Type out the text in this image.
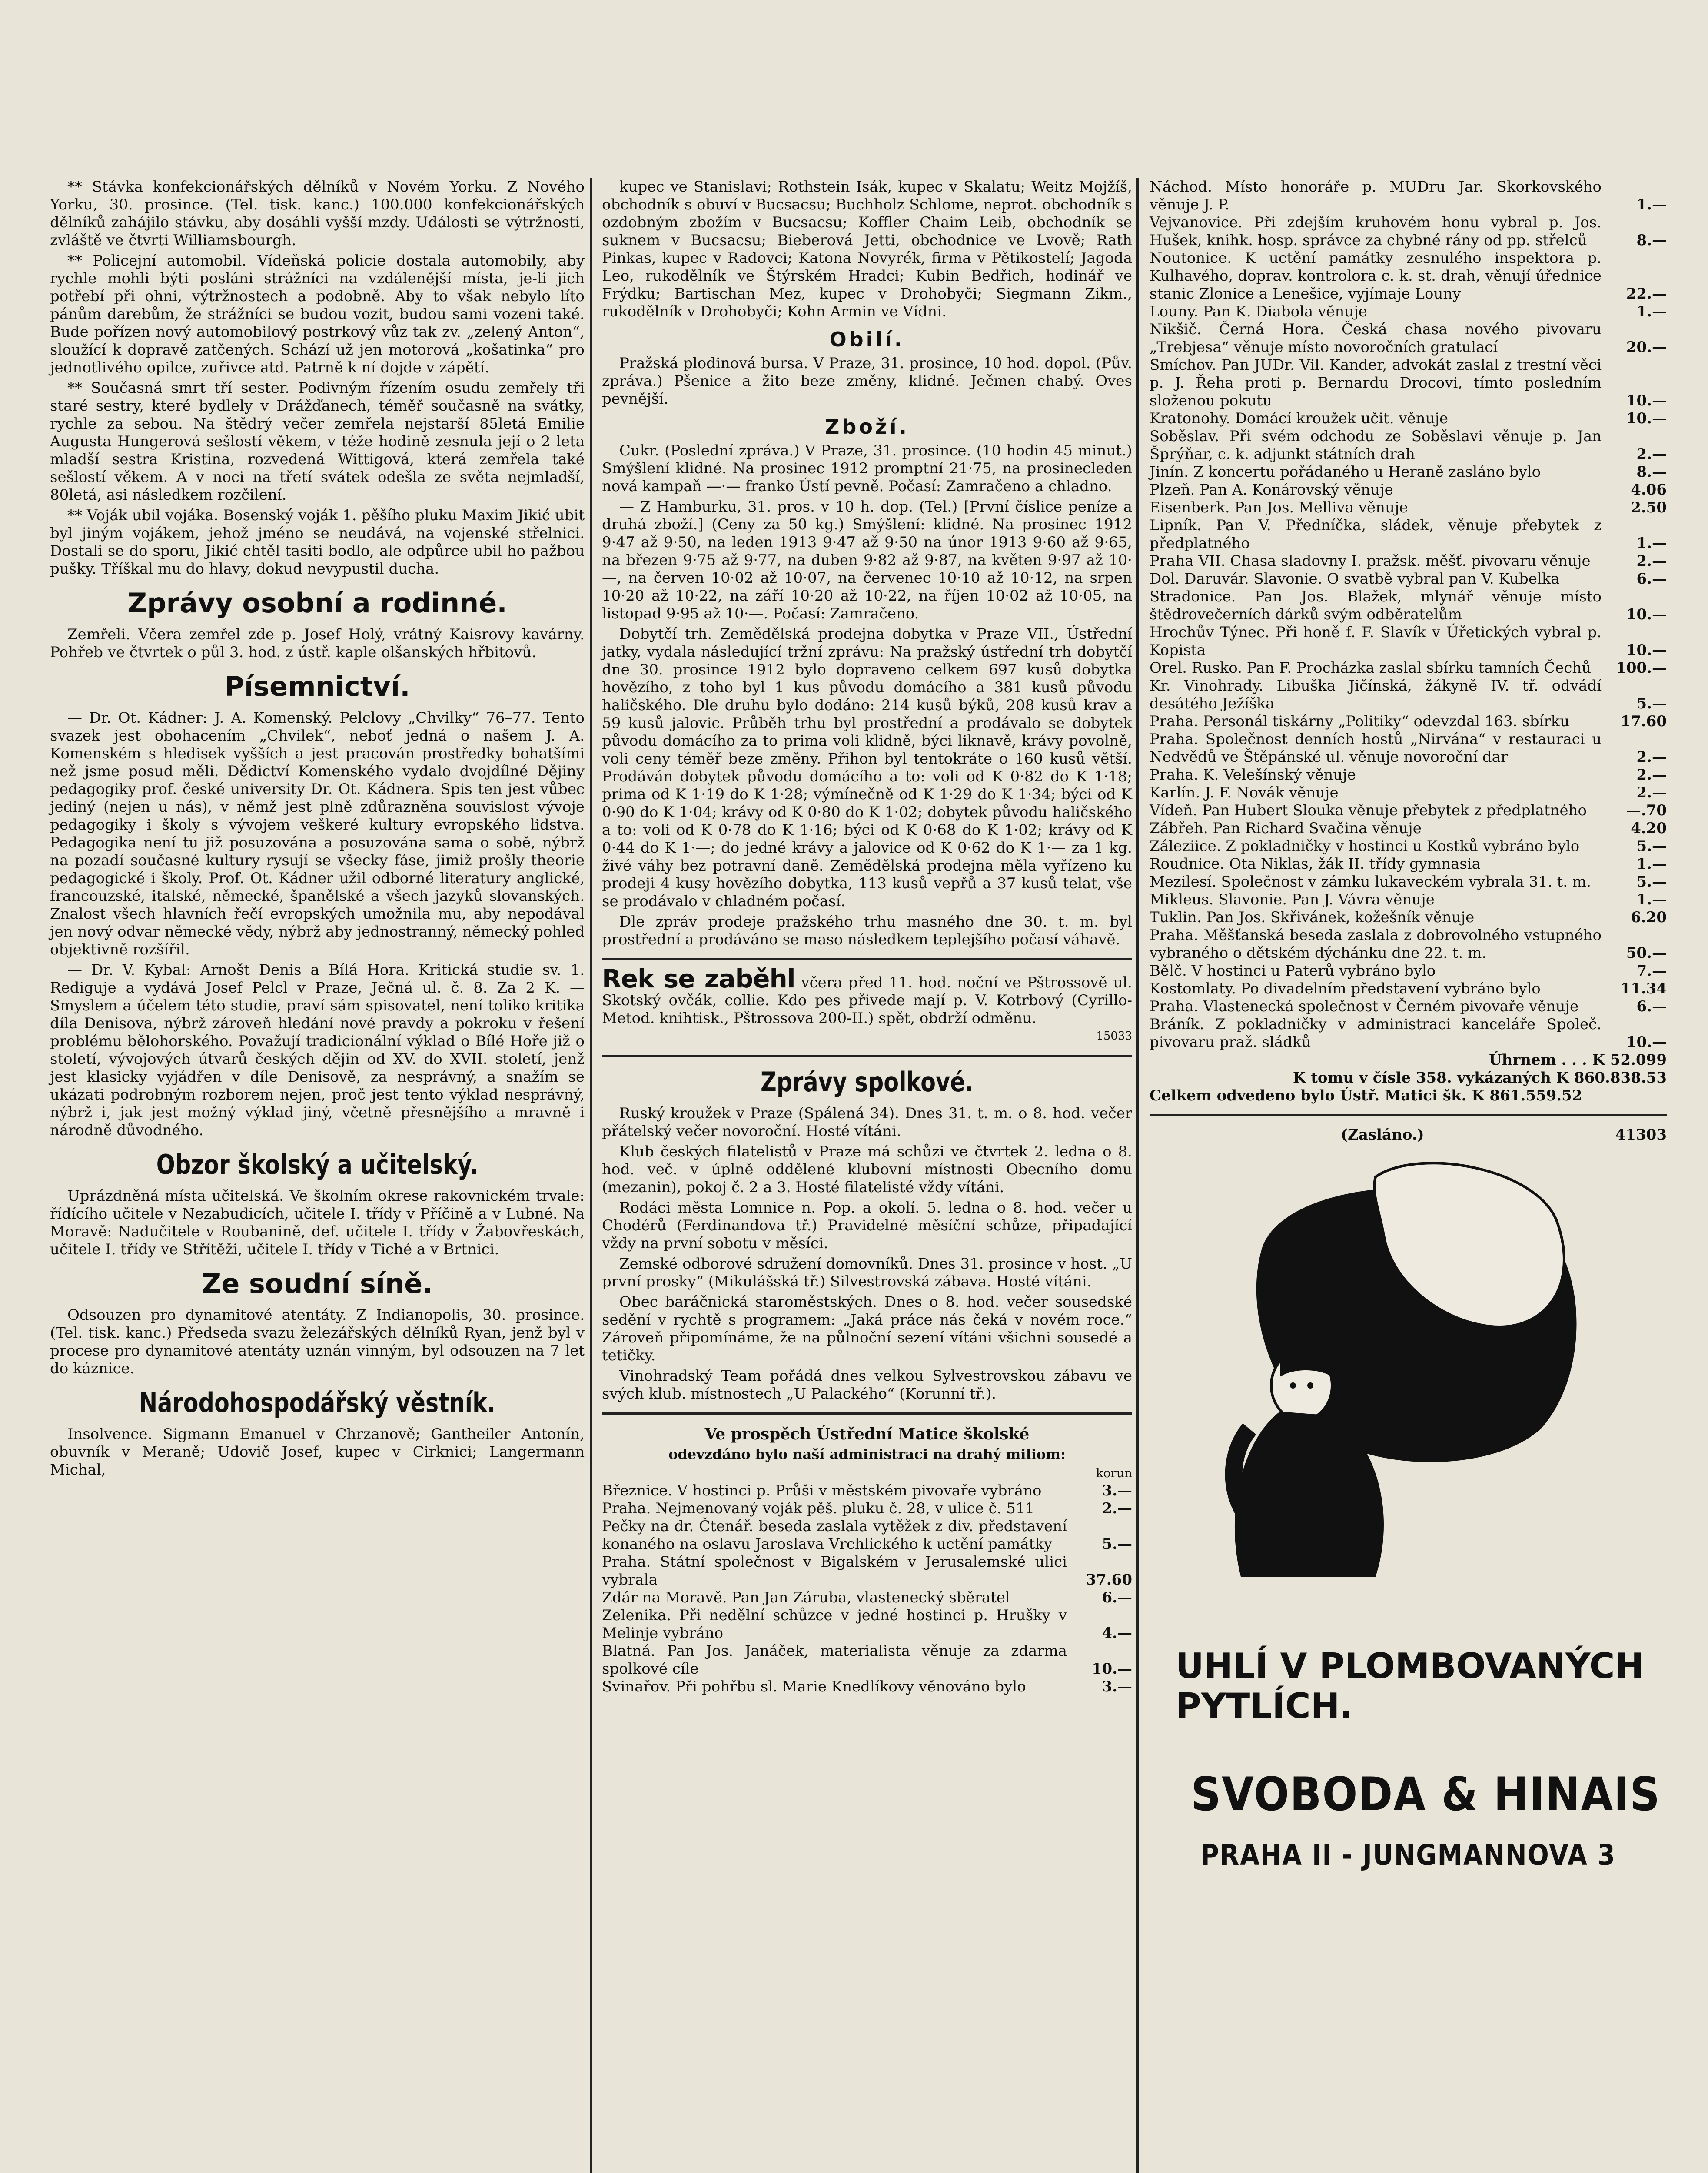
** Stávka konfekcionářských dělníků v Novém Yorku. Z Nového Yorku, 30. prosince. (Tel. tisk. kanc.) 100.000 konfekcionářských dělníků zahájilo stávku, aby dosáhli vyšší mzdy. Události se výtržnosti, zvláště ve čtvrti Williamsbourgh.

** Policejní automobil. Vídeňská policie dostala automobily, aby rychle mohli býti posláni strážníci na vzdálenější místa, je-li jich potřebí při ohni, výtržnostech a podobně. Aby to však nebylo líto pánům darebům, že strážníci se budou vozit, budou sami vozeni také. Bude pořízen nový automobilový postrkový vůz tak zv. „zelený Anton“, sloužící k dopravě zatčených. Schází už jen motorová „košatinka“ pro jednotlivého opilce, zuřivce atd. Patrně k ní dojde v zápětí.

** Současná smrt tří sester. Podivným řízením osudu zemřely tři staré sestry, které bydlely v Drážďanech, téměř současně na svátky, rychle za sebou. Na štědrý večer zemřela nejstarší 85letá Emilie Augusta Hungerová sešlostí věkem, v téže hodině zesnula její o 2 leta mladší sestra Kristina, rozvedená Wittigová, která zemřela také sešlostí věkem. A v noci na třetí svátek odešla ze světa nejmladší, 80letá, asi následkem rozčilení.

** Voják ubil vojáka. Bosenský voják 1. pěšího pluku Maxim Jikić ubit byl jiným vojákem, jehož jméno se neudává, na vojenské střelnici. Dostali se do sporu, Jikić chtěl tasiti bodlo, ale odpůrce ubil ho pažbou pušky. Tříškal mu do hlavy, dokud nevypustil ducha.

Zprávy osobní a rodinné.

Zemřeli. Včera zemřel zde p. Josef Holý, vrátný Kaisrovy kavárny. Pohřeb ve čtvrtek o půl 3. hod. z ústř. kaple olšanských hřbitovů.

Písemnictví.

— Dr. Ot. Kádner: J. A. Komenský. Pelclovy „Chvilky“ 76–77. Tento svazek jest obohacením „Chvilek“, neboť jedná o našem J. A. Komenském s hledisek vyšších a jest pracován prostředky bohatšími než jsme posud měli. Dědictví Komenského vydalo dvojdílné Dějiny pedagogiky prof. české university Dr. Ot. Kádnera. Spis ten jest vůbec jediný (nejen u nás), v němž jest plně zdůrazněna souvislost vývoje pedagogiky i školy s vývojem veškeré kultury evropského lidstva. Pedagogika není tu již posuzována a posuzována sama o sobě, nýbrž na pozadí současné kultury rysují se všecky fáse, jimiž prošly theorie pedagogické i školy. Prof. Ot. Kádner užil odborné literatury anglické, francouzské, italské, německé, španělské a všech jazyků slovanských. Znalost všech hlavních řečí evropských umožnila mu, aby nepodával jen nový odvar německé vědy, nýbrž aby jednostranný, německý pohled objektivně rozšířil.

— Dr. V. Kybal: Arnošt Denis a Bílá Hora. Kritická studie sv. 1. Rediguje a vydává Josef Pelcl v Praze, Ječná ul. č. 8. Za 2 K. — Smyslem a účelem této studie, praví sám spisovatel, není toliko kritika díla Denisova, nýbrž zároveň hledání nové pravdy a pokroku v řešení problému bělohorského. Považují tradicionální výklad o Bílé Hoře již o století, vývojových útvarů českých dějin od XV. do XVII. století, jenž jest klasicky vyjádřen v díle Denisově, za nesprávný, a snažím se ukázati podrobným rozborem nejen, proč jest tento výklad nesprávný, nýbrž i, jak jest možný výklad jiný, včetně přesnějšího a mravně i národně důvodného.

Obzor školský a učitelský.

Uprázdněná místa učitelská. Ve školním okrese rakovnickém trvale: řídícího učitele v Nezabudicích, učitele I. třídy v Příčině a v Lubné. Na Moravě: Nadučitele v Roubanině, def. učitele I. třídy v Žabovřeskách, učitele I. třídy ve Střítěži, učitele I. třídy v Tiché a v Brtnici.

Ze soudní síně.

Odsouzen pro dynamitové atentáty. Z Indianopolis, 30. prosince. (Tel. tisk. kanc.) Předseda svazu železářských dělníků Ryan, jenž byl v procese pro dynamitové atentáty uznán vinným, byl odsouzen na 7 let do káznice.

Národohospodářský věstník.

Insolvence. Sigmann Emanuel v Chrzanově; Gantheiler Antonín, obuvník v Meraně; Udovič Josef, kupec v Cirknici; Langermann Michal,

kupec ve Stanislavi; Rothstein Isák, kupec v Skalatu; Weitz Mojžíš, obchodník s obuví v Bucsacsu; Buchholz Schlome, neprot. obchodník s ozdobným zbožím v Bucsacsu; Koffler Chaim Leib, obchodník se suknem v Bucsacsu; Bieberová Jetti, obchodnice ve Lvově; Rath Pinkas, kupec v Radovci; Katona Novyrék, firma v Pětikostelí; Jagoda Leo, rukodělník ve Štýrském Hradci; Kubin Bedřich, hodinář ve Frýdku; Bartischan Mez, kupec v Drohobyči; Siegmann Zikm., rukodělník v Drohobyči; Kohn Armin ve Vídni.

Obilí.

Pražská plodinová bursa. V Praze, 31. prosince, 10 hod. dopol. (Pův. zpráva.) Pšenice a žito beze změny, klidné. Ječmen chabý. Oves pevnější.

Zboží.

Cukr. (Poslední zpráva.) V Praze, 31. prosince. (10 hodin 45 minut.) Smýšlení klidné. Na prosinec 1912 promptní 21·75, na prosinecleden nová kampaň —·— franko Ústí pevně. Počasí: Zamračeno a chladno.

— Z Hamburku, 31. pros. v 10 h. dop. (Tel.) [První číslice peníze a druhá zboží.] (Ceny za 50 kg.) Smýšlení: klidné. Na prosinec 1912 9·47 až 9·50, na leden 1913 9·47 až 9·50 na únor 1913 9·60 až 9·65, na březen 9·75 až 9·77, na duben 9·82 až 9·87, na květen 9·97 až 10·—, na červen 10·02 až 10·07, na červenec 10·10 až 10·12, na srpen 10·20 až 10·22, na září 10·20 až 10·22, na říjen 10·02 až 10·05, na listopad 9·95 až 10·—. Počasí: Zamračeno.

Dobytčí trh. Zemědělská prodejna dobytka v Praze VII., Ústřední jatky, vydala následující tržní zprávu: Na pražský ústřední trh dobytčí dne 30. prosince 1912 bylo dopraveno celkem 697 kusů dobytka hovězího, z toho byl 1 kus původu domácího a 381 kusů původu haličského. Dle druhu bylo dodáno: 214 kusů býků, 208 kusů krav a 59 kusů jalovic. Průběh trhu byl prostřední a prodávalo se dobytek původu domácího za to prima voli klidně, býci liknavě, krávy povolně, voli ceny téměř beze změny. Přihon byl tentokráte o 160 kusů větší. Prodáván dobytek původu domácího a to: voli od K 0·82 do K 1·18; prima od K 1·19 do K 1·28; výmínečně od K 1·29 do K 1·34; býci od K 0·90 do K 1·04; krávy od K 0·80 do K 1·02; dobytek původu haličského a to: voli od K 0·78 do K 1·16; býci od K 0·68 do K 1·02; krávy od K 0·44 do K 1·—; do jedné krávy a jalovice od K 0·62 do K 1·— za 1 kg. živé váhy bez potravní daně. Zemědělská prodejna měla vyřízeno ku prodeji 4 kusy hovězího dobytka, 113 kusů vepřů a 37 kusů telat, vše se prodávalo v chladném počasí.

Dle zpráv prodeje pražského trhu masného dne 30. t. m. byl prostřední a prodáváno se maso následkem teplejšího počasí váhavě.

Rek se zaběhl včera před 11. hod. noční ve Pštrossově ul. Skotský ovčák, collie. Kdo pes přivede mají p. V. Kotrbový (Cyrillo-Metod. knihtisk., Pštrossova 200-II.) spět, obdrží odměnu.
15033
Zprávy spolkové.

Ruský kroužek v Praze (Spálená 34). Dnes 31. t. m. o 8. hod. večer přátelský večer novoroční. Hosté vítáni.

Klub českých filatelistů v Praze má schůzi ve čtvrtek 2. ledna o 8. hod. več. v úplně oddělené klubovní místnosti Obecního domu (mezanin), pokoj č. 2 a 3. Hosté filatelisté vždy vítáni.

Rodáci města Lomnice n. Pop. a okolí. 5. ledna o 8. hod. večer u Chodérů (Ferdinandova tř.) Pravidelné měsíční schůze, připadající vždy na první sobotu v měsíci.

Zemské odborové sdružení domovníků. Dnes 31. prosince v host. „U první prosky“ (Mikulášská tř.) Silvestrovská zábava. Hosté vítáni.

Obec baráčnická staroměstských. Dnes o 8. hod. večer sousedské sedění v rychtě s programem: „Jaká práce nás čeká v novém roce.“ Zároveň připomínáme, že na půlnoční sezení vítáni všichni sousedé a tetičky.

Vinohradský Team pořádá dnes velkou Sylvestrovskou zábavu ve svých klub. místnostech „U Palackého“ (Korunní tř.).

Ve prospěch Ústřední Matice školské
odevzdáno bylo naší administraci na drahý miliom:
korun
Březnice. V hostinci p. Průši v městském pivovaře vybráno	3.—
Praha. Nejmenovaný voják pěš. pluku č. 28, v ulice č. 511	2.—
Pečky na dr. Čtenář. beseda zaslala vytěžek z div. představení konaného na oslavu Jaroslava Vrchlického k uctění památky	5.—
Praha. Státní společnost v Bigalském v Jerusalemské ulici vybrala	37.60
Zdár na Moravě. Pan Jan Záruba, vlastenecký sběratel	6.—
Zelenika. Při nedělní schůzce v jedné hostinci p. Hrušky v Melinje vybráno	4.—
Blatná. Pan Jos. Janáček, materialista věnuje za zdarma spolkové cíle	10.—
Svinařov. Při pohřbu sl. Marie Knedlíkovy věnováno bylo	3.—
Náchod. Místo honoráře p. MUDru Jar. Skorkovského věnuje J. P.	1.—
Vejvanovice. Při zdejším kruhovém honu vybral p. Jos. Hušek, knihk. hosp. správce za chybné rány od pp. střelců	8.—
Noutonice. K uctění památky zesnulého inspektora p. Kulhavého, doprav. kontrolora c. k. st. drah, věnují úřednice stanic Zlonice a Lenešice, vyjímaje Louny	22.—
Louny. Pan K. Diabola věnuje	1.—
Nikšič. Černá Hora. Česká chasa nového pivovaru „Trebjesa“ věnuje místo novoročních gratulací	20.—
Smíchov. Pan JUDr. Vil. Kander, advokát zaslal z trestní věci p. J. Řeha proti p. Bernardu Drocovi, tímto posledním složenou pokutu	10.—
Kratonohy. Domácí kroužek učit. věnuje	10.—
Soběslav. Při svém odchodu ze Soběslavi věnuje p. Jan Šprýňar, c. k. adjunkt státních drah	2.—
Jinín. Z koncertu pořádaného u Heraně zasláno bylo	8.—
Plzeň. Pan A. Konárovský věnuje	4.06
Eisenberk. Pan Jos. Melliva věnuje	2.50
Lipník. Pan V. Předníčka, sládek, věnuje přebytek z předplatného	1.—
Praha VII. Chasa sladovny I. pražsk. měšť. pivovaru věnuje	2.—
Dol. Daruvár. Slavonie. O svatbě vybral pan V. Kubelka	6.—
Stradonice. Pan Jos. Blažek, mlynář věnuje místo štědrovečerních dárků svým odběratelům	10.—
Hrochův Týnec. Při honě f. F. Slavík v Úřetických vybral p. Kopista	10.—
Orel. Rusko. Pan F. Procházka zaslal sbírku tamních Čechů	100.—
Kr. Vinohrady. Libuška Jičínská, žákyně IV. tř. odvádí desátého Ježíška	5.—
Praha. Personál tiskárny „Politiky“ odevzdal 163. sbírku	17.60
Praha. Společnost denních hostů „Nirvána“ v restauraci u Nedvědů ve Štěpánské ul. věnuje novoroční dar	2.—
Praha. K. Velešínský věnuje	2.—
Karlín. J. F. Novák věnuje	2.—
Vídeň. Pan Hubert Slouka věnuje přebytek z předplatného	—.70
Zábřeh. Pan Richard Svačina věnuje	4.20
Záleziice. Z pokladničky v hostinci u Kostků vybráno bylo	5.—
Roudnice. Ota Niklas, žák II. třídy gymnasia	1.—
Mezilesí. Společnost v zámku lukaveckém vybrala 31. t. m.	5.—
Mikleus. Slavonie. Pan J. Vávra věnuje	1.—
Tuklin. Pan Jos. Skřivánek, kožešník věnuje	6.20
Praha. Měšťanská beseda zaslala z dobrovolného vstupného vybraného o dětském dýchánku dne 22. t. m.	50.—
Bělč. V hostinci u Paterů vybráno bylo	7.—
Kostomlaty. Po divadelním představení vybráno bylo	11.34
Praha. Vlastenecká společnost v Černém pivovaře věnuje	6.—
Bráník. Z pokladničky v administraci kanceláře Společ. pivovaru praž. sládků	10.—
Úhrnem . . . K 52.099
K tomu v čísle 358. vykázaných K 860.838.53
Celkem odvedeno bylo Ústř. Matici šk. K 861.559.52
(Zasláno.)	41303
UHLÍ V PLOMBOVANÝCH PYTLÍCH.
SVOBODA & HINAIS
PRAHA II - JUNGMANNOVA 3
